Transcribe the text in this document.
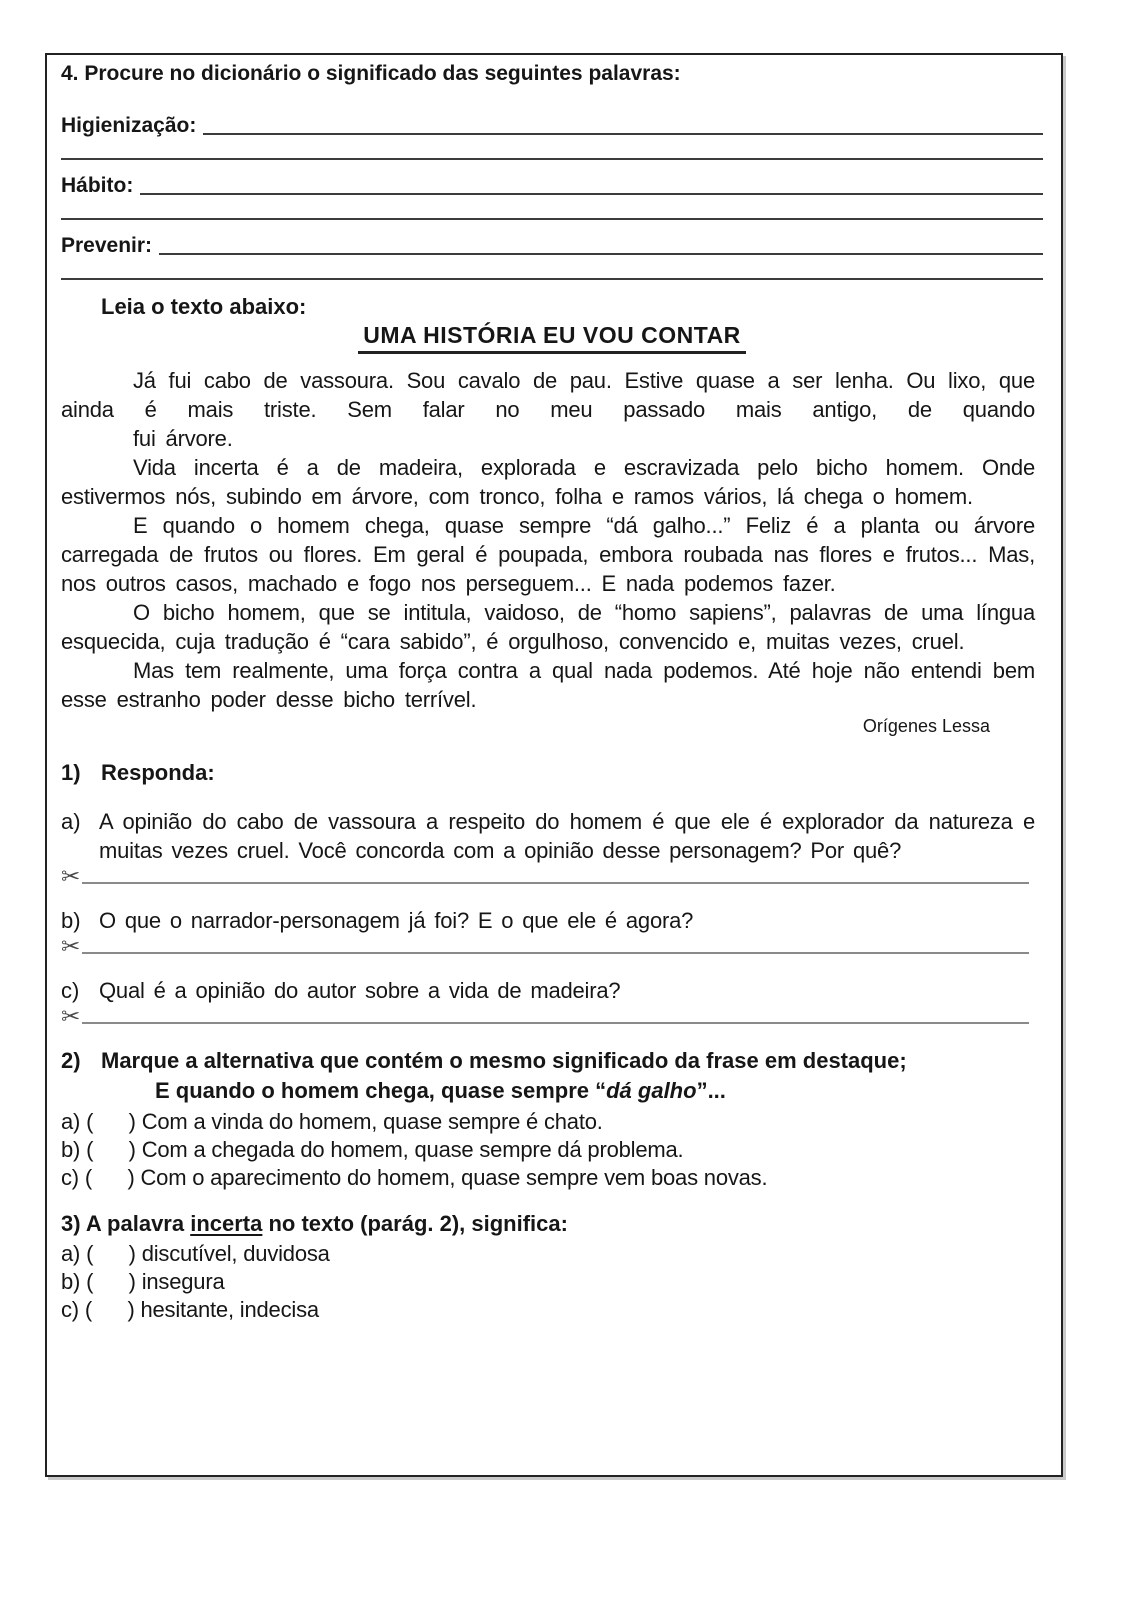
4. Procure no dicionário o significado das seguintes palavras:
Higienização:
Hábito:
Prevenir:
Leia o texto abaixo:
UMA HISTÓRIA EU VOU CONTAR

Já fui cabo de vassoura. Sou cavalo de pau. Estive quase a ser lenha. Ou lixo, que ainda é mais triste. Sem falar no meu passado mais antigo, de quando

fui árvore.

Vida incerta é a de madeira, explorada e escravizada pelo bicho homem. Onde estivermos nós, subindo em árvore, com tronco, folha e ramos vários, lá chega o homem.

E quando o homem chega, quase sempre “dá galho...” Feliz é a planta ou árvore carregada de frutos ou flores. Em geral é poupada, embora roubada nas flores e frutos... Mas, nos outros casos, machado e fogo nos perseguem... E nada podemos fazer.

O bicho homem, que se intitula, vaidoso, de “homo sapiens”, palavras de uma língua esquecida, cuja tradução é “cara sabido”, é orgulhoso, convencido e, muitas vezes, cruel.

Mas tem realmente, uma força contra a qual nada podemos. Até hoje não entendi bem esse estranho poder desse bicho terrível.

Orígenes Lessa
1) Responda:
a) A opinião do cabo de vassoura a respeito do homem é que ele é explorador da natureza e muitas vezes cruel. Você concorda com a opinião desse personagem? Por quê?
✂
b) O que o narrador-personagem já foi? E o que ele é agora?
✂
c) Qual é a opinião do autor sobre a vida de madeira?
✂
2) Marque a alternativa que contém o mesmo significado da frase em destaque;
E quando o homem chega, quase sempre “dá galho”...
a) (      ) Com a vinda do homem, quase sempre é chato.
b) (      ) Com a chegada do homem, quase sempre dá problema.
c) (      ) Com o aparecimento do homem, quase sempre vem boas novas.
3) A palavra incerta no texto (parág. 2), significa:
a) (      ) discutível, duvidosa
b) (      ) insegura
c) (      ) hesitante, indecisa
